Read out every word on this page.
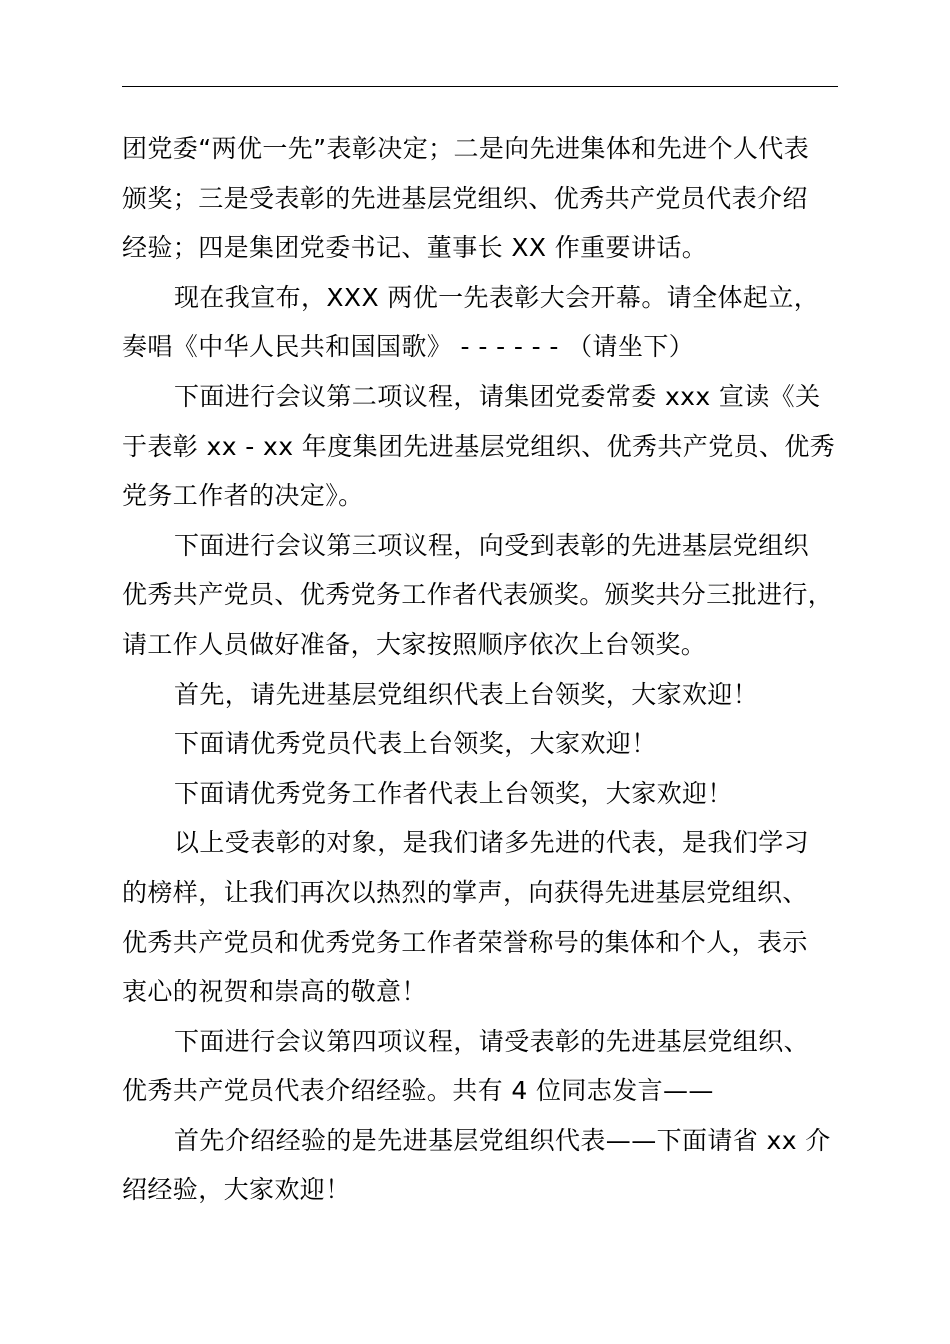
团党委“两优一先”表彰决定；二是向先进集体和先进个人代表
颁奖；三是受表彰的先进基层党组织、优秀共产党员代表介绍
经验；四是集团党委书记、董事长 XX 作重要讲话。

现在我宣布，XXX 两优一先表彰大会开幕。请全体起立，
奏唱《中华人民共和国国歌》 - - - - - - （请坐下）

下面进行会议第二项议程，请集团党委常委 xxx 宣读《关
于表彰 xx - xx 年度集团先进基层党组织、优秀共产党员、优秀
党务工作者的决定》。

下面进行会议第三项议程，向受到表彰的先进基层党组织
优秀共产党员、优秀党务工作者代表颁奖。颁奖共分三批进行，
请工作人员做好准备，大家按照顺序依次上台领奖。

首先，请先进基层党组织代表上台领奖，大家欢迎！

下面请优秀党员代表上台领奖，大家欢迎！

下面请优秀党务工作者代表上台领奖，大家欢迎！

以上受表彰的对象，是我们诸多先进的代表，是我们学习
的榜样，让我们再次以热烈的掌声，向获得先进基层党组织、
优秀共产党员和优秀党务工作者荣誉称号的集体和个人，表示
衷心的祝贺和崇高的敬意！

下面进行会议第四项议程，请受表彰的先进基层党组织、
优秀共产党员代表介绍经验。共有 4 位同志发言——

首先介绍经验的是先进基层党组织代表——下面请省 xx 介
绍经验，大家欢迎！
